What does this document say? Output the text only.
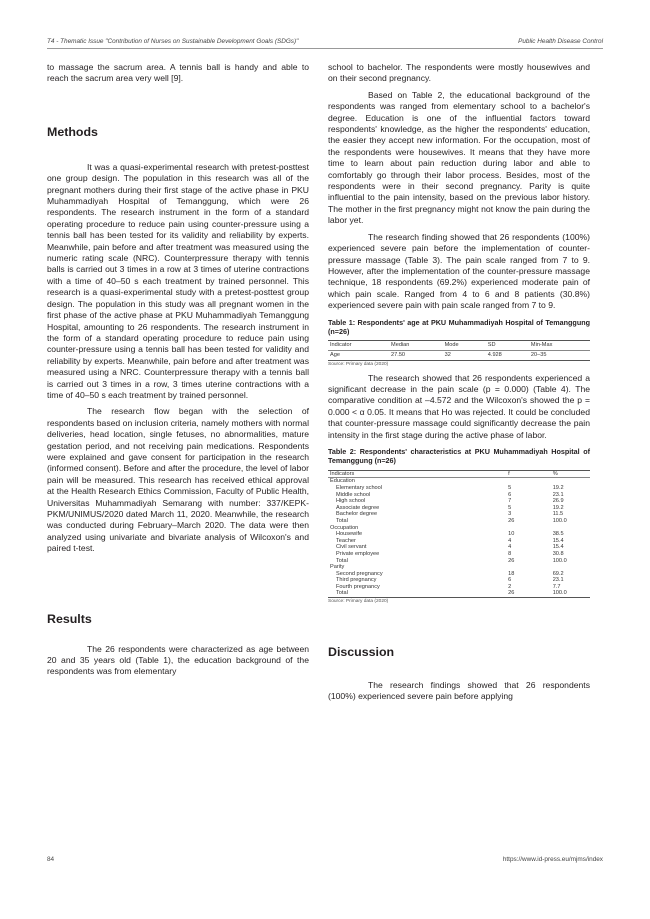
T4 - Thematic Issue "Contribution of Nurses on Sustainable Development Goals (SDGs)"	Public Health Disease Control

to massage the sacrum area. A tennis ball is handy and able to reach the sacrum area very well [9].

Methods

It was a quasi-experimental research with pretest-posttest one group design. The population in this research was all of the pregnant mothers during their first stage of the active phase in PKU Muhammadiyah Hospital of Temanggung, which were 26 respondents. The research instrument in the form of a standard operating procedure to reduce pain using counter-pressure using a tennis ball has been tested for its validity and reliability by experts. Meanwhile, pain before and after treatment was measured using the numeric rating scale (NRC). Counterpressure therapy with tennis balls is carried out 3 times in a row at 3 times of uterine contractions with a time of 40–50 s each treatment by trained personnel. This research is a quasi-experimental study with a pretest-posttest group design. The population in this study was all pregnant women in the first phase of the active phase at PKU Muhammadiyah Temanggung Hospital, amounting to 26 respondents. The research instrument in the form of a standard operating procedure to reduce pain using counter-pressure using a tennis ball has been tested for validity and reliability by experts. Meanwhile, pain before and after treatment was measured using a NRC. Counterpressure therapy with a tennis ball is carried out 3 times in a row, 3 times uterine contractions with a time of 40–50 s each treatment by trained personnel.

The research flow began with the selection of respondents based on inclusion criteria, namely mothers with normal deliveries, head location, single fetuses, no abnormalities, mature gestation period, and not receiving pain medications. Respondents were explained and gave consent for participation in the research (informed consent). Before and after the procedure, the level of labor pain will be measured. This research has received ethical approval at the Health Research Ethics Commission, Faculty of Public Health, Universitas Muhammadiyah Semarang with number: 337/KEPK-PKM/UNIMUS/2020 dated March 11, 2020. Meanwhile, the research was conducted during February–March 2020. The data were then analyzed using univariate and bivariate analysis of Wilcoxon's and paired t-test.

Results

The 26 respondents were characterized as age between 20 and 35 years old (Table 1), the education background of the respondents was from elementary

school to bachelor. The respondents were mostly housewives and on their second pregnancy.

Based on Table 2, the educational background of the respondents was ranged from elementary school to a bachelor's degree. Education is one of the influential factors toward respondents' knowledge, as the higher the respondents' education, the easier they accept new information. For the occupation, most of the respondents were housewives. It means that they have more time to learn about pain reduction during labor and able to comfortably go through their labor process. Besides, most of the respondents were in their second pregnancy. Parity is quite influential to the pain intensity, based on the previous labor history. The mother in the first pregnancy might not know the pain during the labor yet.

The research finding showed that 26 respondents (100%) experienced severe pain before the implementation of counter-pressure massage (Table 3). The pain scale ranged from 7 to 9. However, after the implementation of the counter-pressure massage technique, 18 respondents (69.2%) experienced moderate pain of which pain scale. Ranged from 4 to 6 and 8 patients (30.8%) experienced severe pain with pain scale ranged from 7 to 9.

Table 1: Respondents' age at PKU Muhammadiyah Hospital of Temanggung (n=26)

Indicator	Median	Mode	SD	Min-Max
Age	27.50	32	4.928	20–35

Source: Primary data (2020)

The research showed that 26 respondents experienced a significant decrease in the pain scale (p = 0.000) (Table 4). The comparative condition at –4.572 and the Wilcoxon's showed the p = 0.000 < α 0.05. It means that Ho was rejected. It could be concluded that counter-pressure massage could significantly decrease the pain intensity in the first stage during the active phase of labor.

Table 2: Respondents' characteristics at PKU Muhammadiyah Hospital of Temanggung (n=26)

Indicators	f	%
Education		
Elementary school	5	19.2
Middle school	6	23.1
High school	7	26.9
Associate degree	5	19.2
Bachelor degree	3	11.5
Total	26	100.0
Occupation		
Housewife	10	38.5
Teacher	4	15.4
Civil servant	4	15.4
Private employee	8	30.8
Total	26	100.0
Parity		
Second pregnancy	18	69.2
Third pregnancy	6	23.1
Fourth pregnancy	2	7.7
Total	26	100.0

Source: Primary data (2020)

Discussion

The research findings showed that 26 respondents (100%) experienced severe pain before applying

84	https://www.id-press.eu/mjms/index
